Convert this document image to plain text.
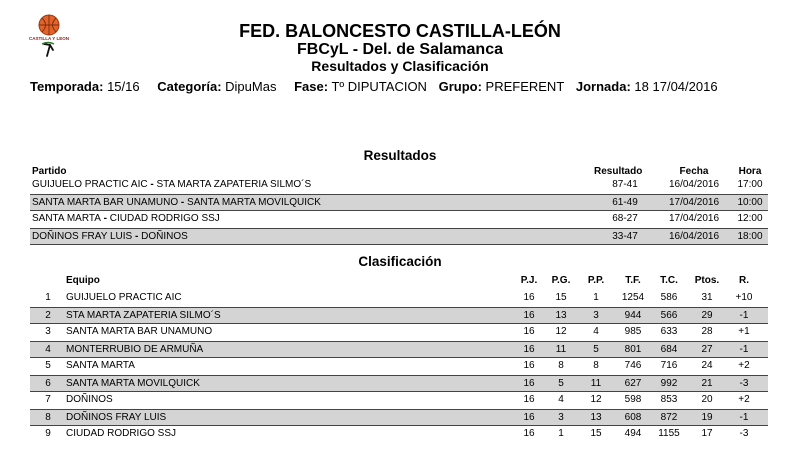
CASTILLA Y LEON	FED. BALONCESTO CASTILLA-LEÓN
FBCyL - Del. de Salamanca
Resultados y Clasificación
Temporada: 15/16 Categoría: DipuMas Fase: Tº DIPUTACION Grupo: PREFERENT Jornada: 18 17/04/2016
Resultados
Partido	Resultado	Fecha	Hora
GUIJUELO PRACTIC AIC - STA MARTA ZAPATERIA SILMO´S	87-41	16/04/2016	17:00
SANTA MARTA BAR UNAMUNO - SANTA MARTA MOVILQUICK	61-49	17/04/2016	10:00
SANTA MARTA - CIUDAD RODRIGO SSJ	68-27	17/04/2016	12:00
DOÑINOS FRAY LUIS - DOÑINOS	33-47	16/04/2016	18:00
Clasificación
Equipo	P.J.	P.G.	P.P.	T.F.	T.C.	Ptos.	R.
1	GUIJUELO PRACTIC AIC	16	15	1	1254	586	31	+10
2	STA MARTA ZAPATERIA SILMO´S	16	13	3	944	566	29	-1
3	SANTA MARTA BAR UNAMUNO	16	12	4	985	633	28	+1
4	MONTERRUBIO DE ARMUÑA	16	11	5	801	684	27	-1
5	SANTA MARTA	16	8	8	746	716	24	+2
6	SANTA MARTA MOVILQUICK	16	5	11	627	992	21	-3
7	DOÑINOS	16	4	12	598	853	20	+2
8	DOÑINOS FRAY LUIS	16	3	13	608	872	19	-1
9	CIUDAD RODRIGO SSJ	16	1	15	494	1155	17	-3
